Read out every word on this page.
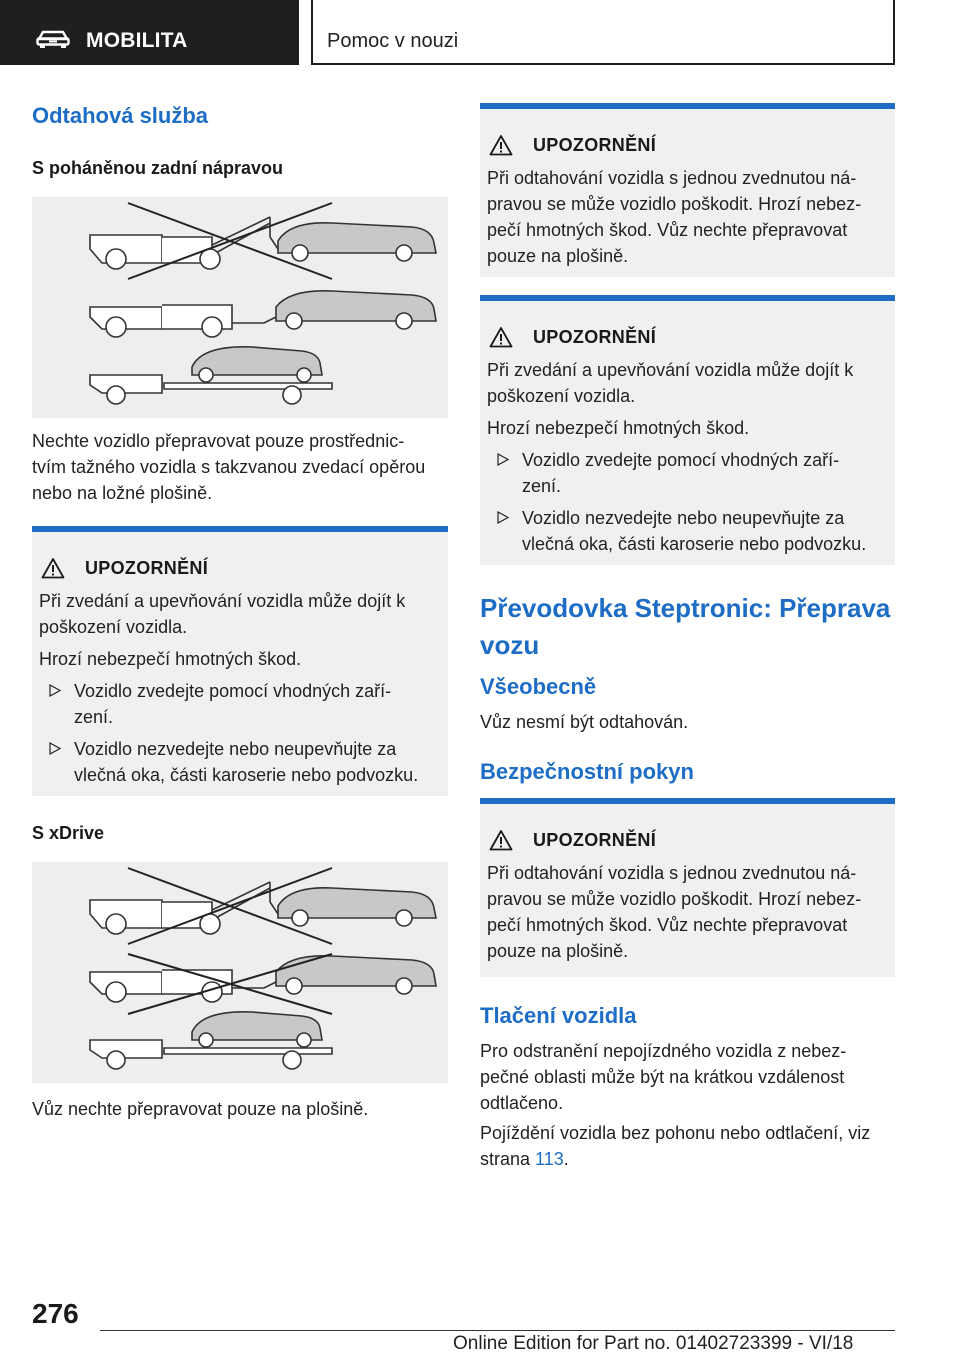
MOBILITA	Pomoc v nouzi
Odtahová služba
S poháněnou zadní nápravou
Nechte vozidlo přepravovat pouze prostřednic-
tvím tažného vozidla s takzvanou zvedací opěrou
nebo na ložné plošině.
UPOZORNĚNÍ
Při zvedání a upevňování vozidla může dojít k
poškození vozidla.
Hrozí nebezpečí hmotných škod.
Vozidlo zvedejte pomocí vhodných zaří-
zení.
Vozidlo nezvedejte nebo neupevňujte za
vlečná oka, části karoserie nebo podvozku.
S xDrive
Vůz nechte přepravovat pouze na plošině.
UPOZORNĚNÍ
Při odtahování vozidla s jednou zvednutou ná-
pravou se může vozidlo poškodit. Hrozí nebez-
pečí hmotných škod. Vůz nechte přepravovat
pouze na plošině.
UPOZORNĚNÍ
Při zvedání a upevňování vozidla může dojít k
poškození vozidla.
Hrozí nebezpečí hmotných škod.
Vozidlo zvedejte pomocí vhodných zaří-
zení.
Vozidlo nezvedejte nebo neupevňujte za
vlečná oka, části karoserie nebo podvozku.
Převodovka Steptronic: Přeprava
vozu
Všeobecně
Vůz nesmí být odtahován.
Bezpečnostní pokyn
UPOZORNĚNÍ
Při odtahování vozidla s jednou zvednutou ná-
pravou se může vozidlo poškodit. Hrozí nebez-
pečí hmotných škod. Vůz nechte přepravovat
pouze na plošině.
Tlačení vozidla
Pro odstranění nepojízdného vozidla z nebez-
pečné oblasti může být na krátkou vzdálenost
odtlačeno.
Pojíždění vozidla bez pohonu nebo odtlačení, viz
strana 113.
276
Online Edition for Part no. 01402723399 - VI/18
